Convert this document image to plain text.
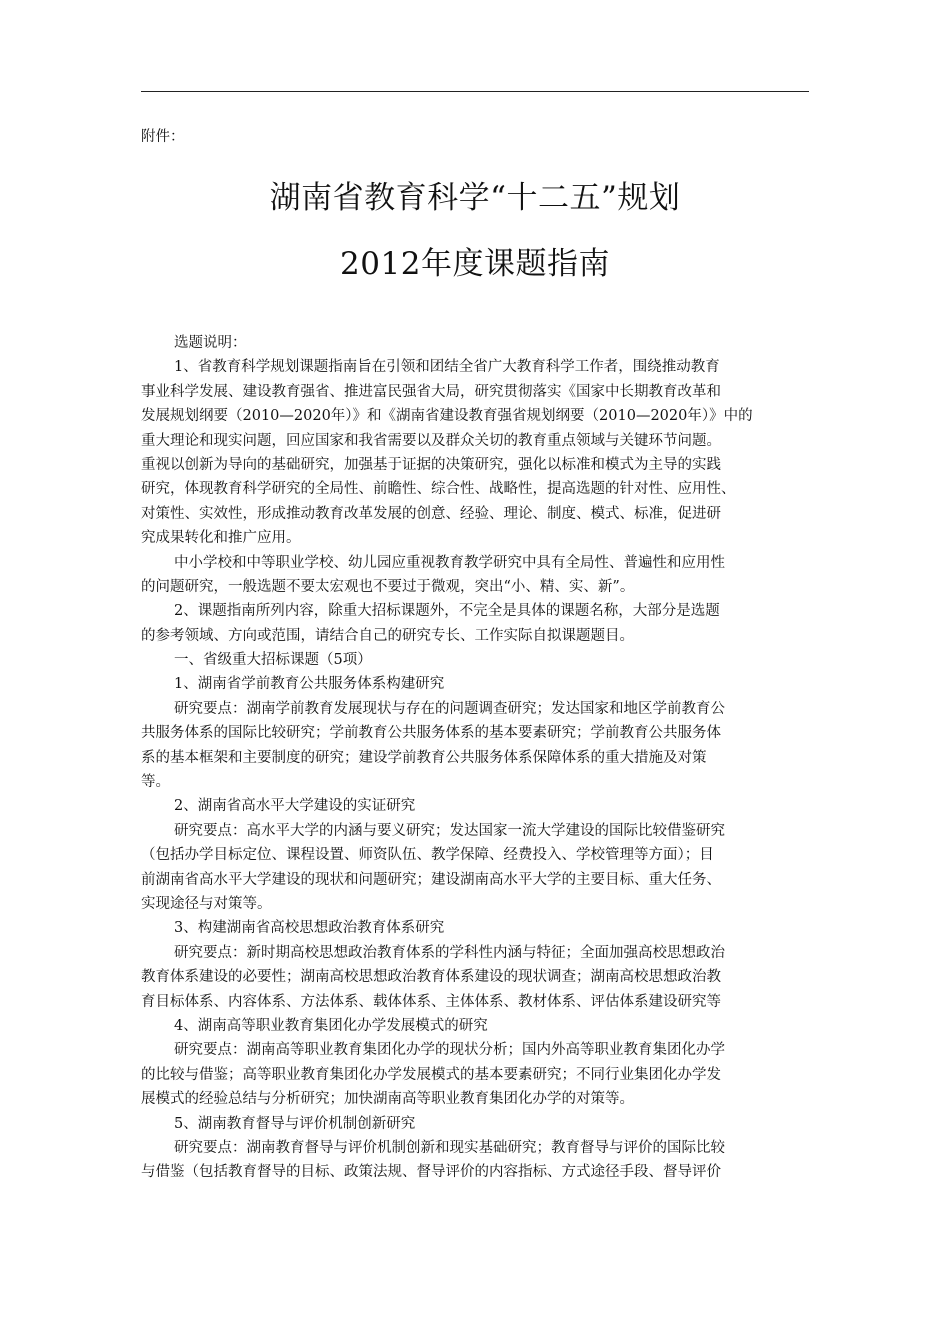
附件：
湖南省教育科学“十二五”规划
2012年度课题指南
选题说明：
1、省教育科学规划课题指南旨在引领和团结全省广大教育科学工作者，围绕推动教育
事业科学发展、建设教育强省、推进富民强省大局，研究贯彻落实《国家中长期教育改革和
发展规划纲要（2010—2020年）》和《湖南省建设教育强省规划纲要（2010—2020年）》中的
重大理论和现实问题，回应国家和我省需要以及群众关切的教育重点领域与关键环节问题。
重视以创新为导向的基础研究，加强基于证据的决策研究，强化以标准和模式为主导的实践
研究，体现教育科学研究的全局性、前瞻性、综合性、战略性，提高选题的针对性、应用性、
对策性、实效性，形成推动教育改革发展的创意、经验、理论、制度、模式、标准，促进研
究成果转化和推广应用。
中小学校和中等职业学校、幼儿园应重视教育教学研究中具有全局性、普遍性和应用性
的问题研究，一般选题不要太宏观也不要过于微观，突出“小、精、实、新”。
2、课题指南所列内容，除重大招标课题外，不完全是具体的课题名称，大部分是选题
的参考领域、方向或范围，请结合自己的研究专长、工作实际自拟课题题目。
一、省级重大招标课题（5项）
1、湖南省学前教育公共服务体系构建研究
研究要点：湖南学前教育发展现状与存在的问题调查研究；发达国家和地区学前教育公
共服务体系的国际比较研究；学前教育公共服务体系的基本要素研究；学前教育公共服务体
系的基本框架和主要制度的研究；建设学前教育公共服务体系保障体系的重大措施及对策
等。
2、湖南省高水平大学建设的实证研究
研究要点：高水平大学的内涵与要义研究；发达国家一流大学建设的国际比较借鉴研究
（包括办学目标定位、课程设置、师资队伍、教学保障、经费投入、学校管理等方面）；目
前湖南省高水平大学建设的现状和问题研究；建设湖南高水平大学的主要目标、重大任务、
实现途径与对策等。
3、构建湖南省高校思想政治教育体系研究
研究要点：新时期高校思想政治教育体系的学科性内涵与特征；全面加强高校思想政治
教育体系建设的必要性；湖南高校思想政治教育体系建设的现状调查；湖南高校思想政治教
育目标体系、内容体系、方法体系、载体体系、主体体系、教材体系、评估体系建设研究等
4、湖南高等职业教育集团化办学发展模式的研究
研究要点：湖南高等职业教育集团化办学的现状分析；国内外高等职业教育集团化办学
的比较与借鉴；高等职业教育集团化办学发展模式的基本要素研究；不同行业集团化办学发
展模式的经验总结与分析研究；加快湖南高等职业教育集团化办学的对策等。
5、湖南教育督导与评价机制创新研究
研究要点：湖南教育督导与评价机制创新和现实基础研究；教育督导与评价的国际比较
与借鉴（包括教育督导的目标、政策法规、督导评价的内容指标、方式途径手段、督导评价
